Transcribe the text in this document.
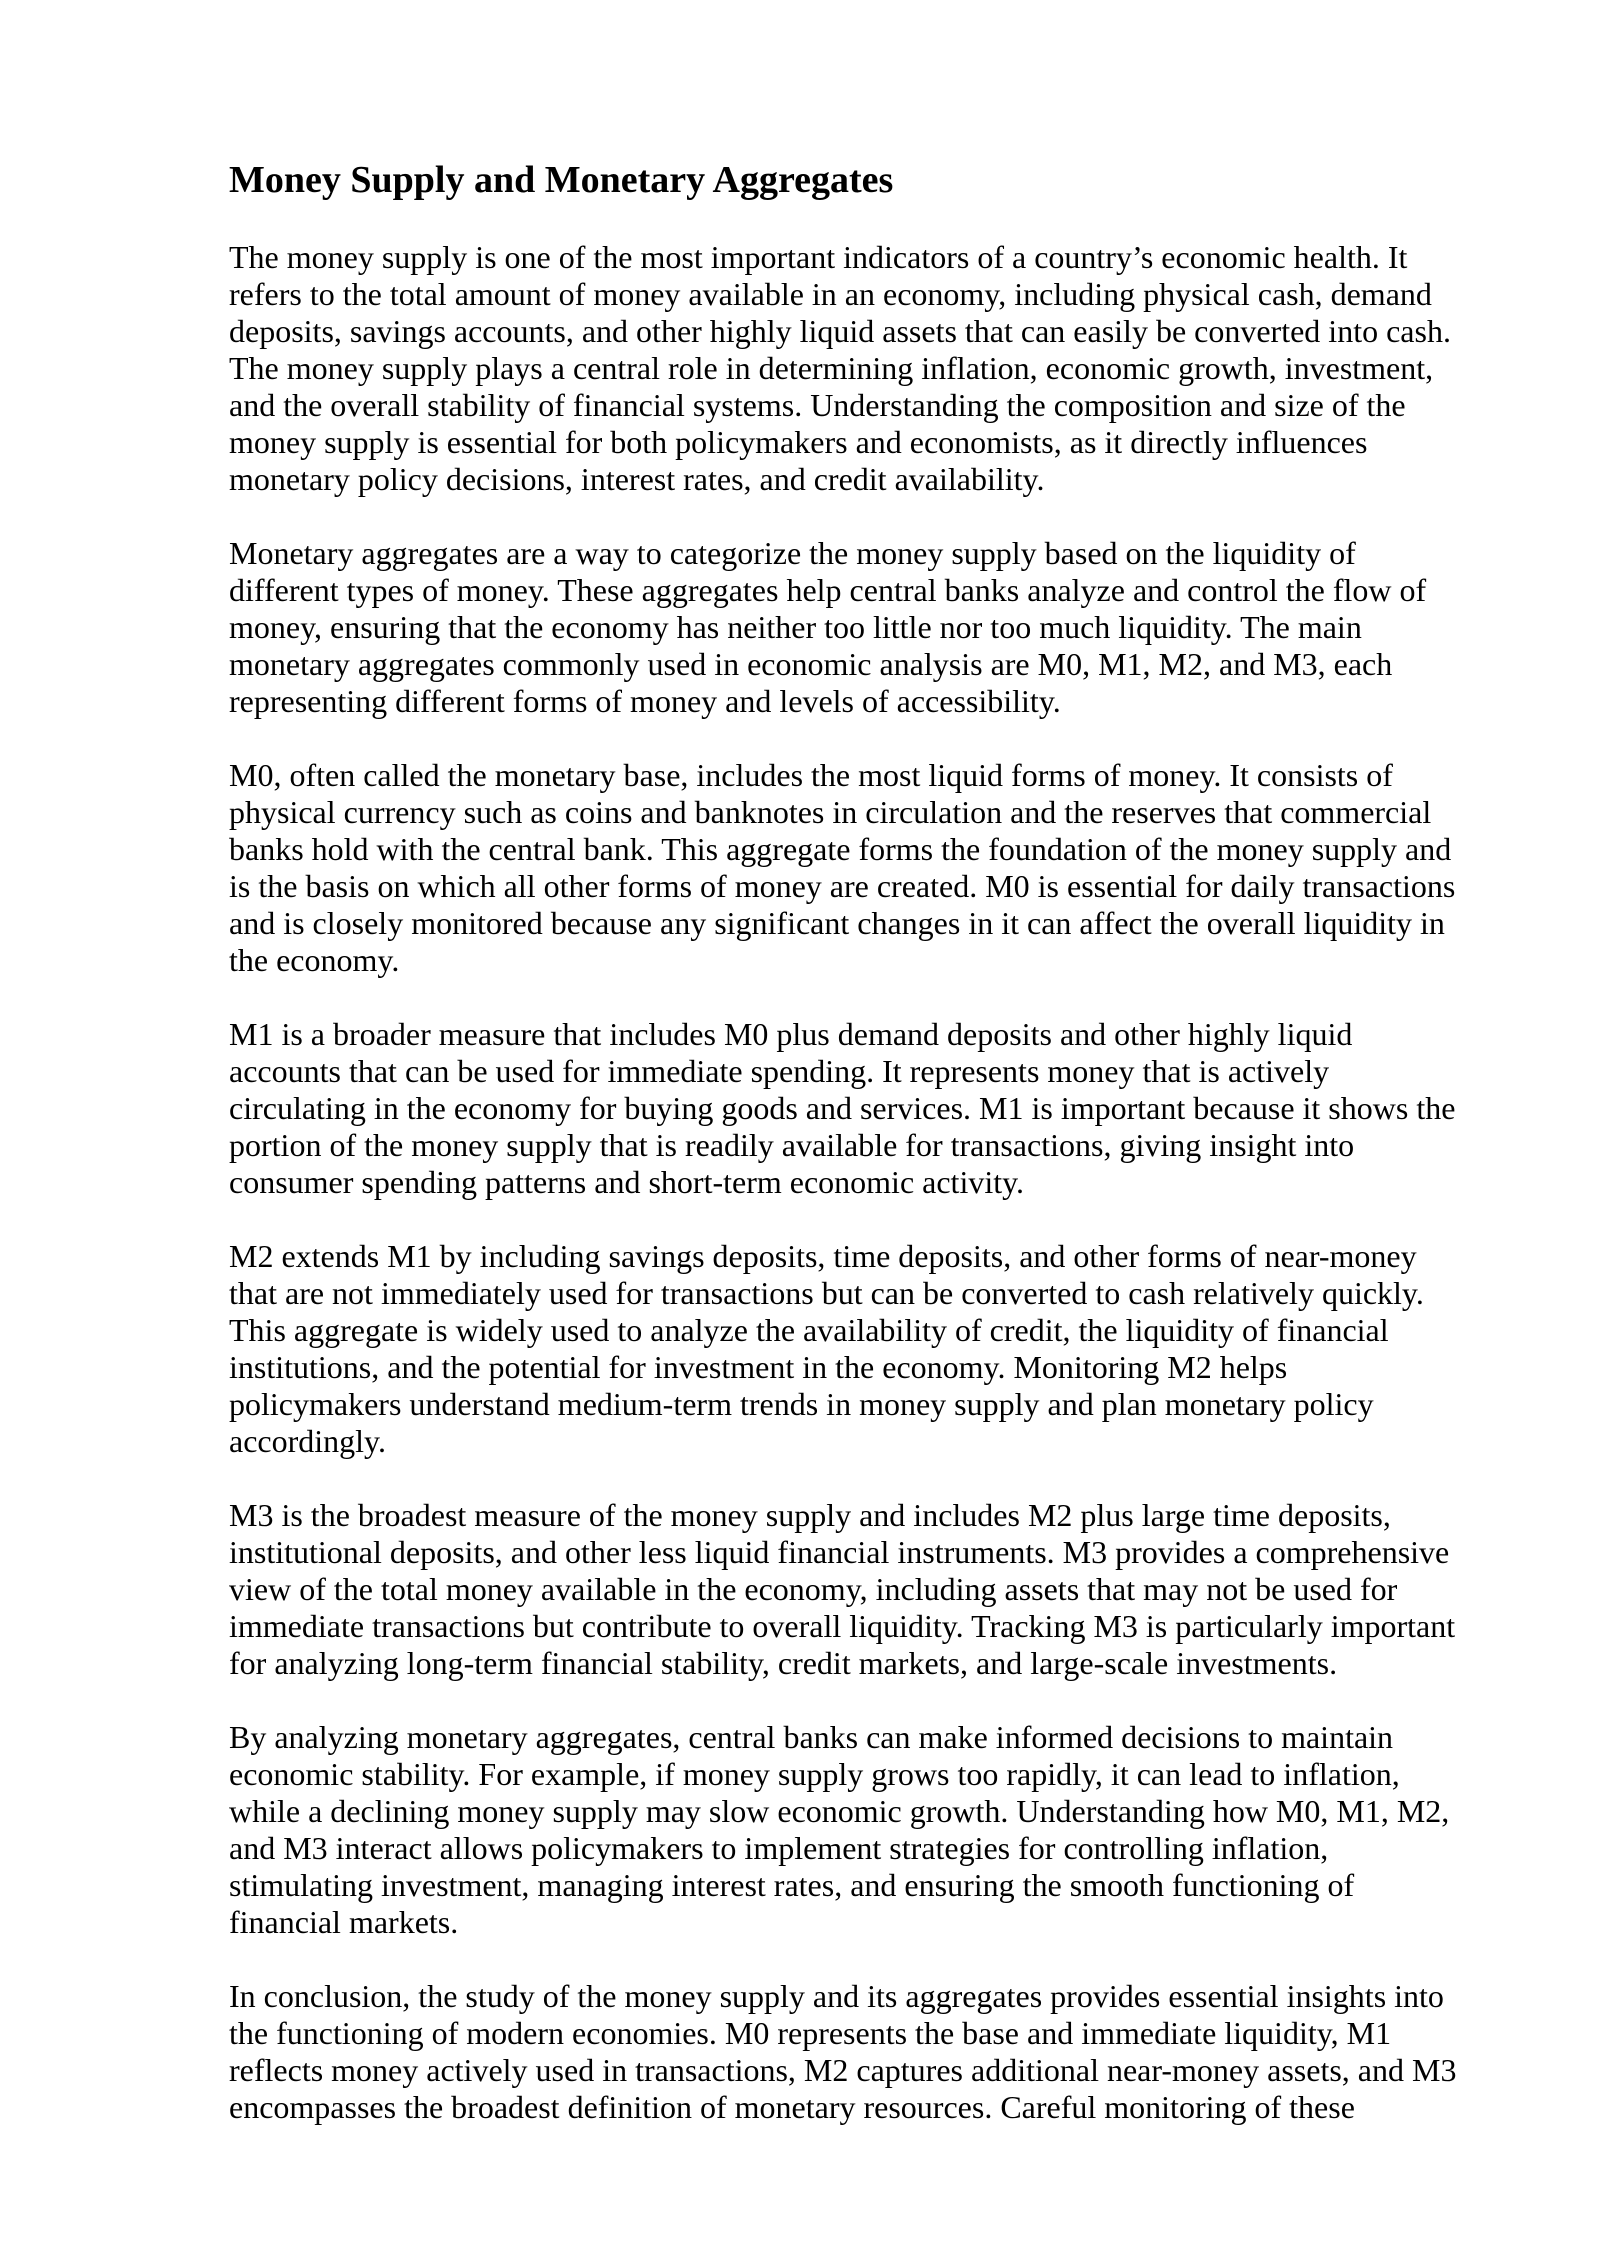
Money Supply and Monetary Aggregates

The money supply is one of the most important indicators of a country’s economic health. It refers to the total amount of money available in an economy, including physical cash, demand deposits, savings accounts, and other highly liquid assets that can easily be converted into cash. The money supply plays a central role in determining inflation, economic growth, investment, and the overall stability of financial systems. Understanding the composition and size of the money supply is essential for both policymakers and economists, as it directly influences monetary policy decisions, interest rates, and credit availability.

Monetary aggregates are a way to categorize the money supply based on the liquidity of different types of money. These aggregates help central banks analyze and control the flow of money, ensuring that the economy has neither too little nor too much liquidity. The main monetary aggregates commonly used in economic analysis are M0, M1, M2, and M3, each representing different forms of money and levels of accessibility.

M0, often called the monetary base, includes the most liquid forms of money. It consists of physical currency such as coins and banknotes in circulation and the reserves that commercial banks hold with the central bank. This aggregate forms the foundation of the money supply and is the basis on which all other forms of money are created. M0 is essential for daily transactions and is closely monitored because any significant changes in it can affect the overall liquidity in the economy.

M1 is a broader measure that includes M0 plus demand deposits and other highly liquid accounts that can be used for immediate spending. It represents money that is actively circulating in the economy for buying goods and services. M1 is important because it shows the portion of the money supply that is readily available for transactions, giving insight into consumer spending patterns and short-term economic activity.

M2 extends M1 by including savings deposits, time deposits, and other forms of near-money that are not immediately used for transactions but can be converted to cash relatively quickly. This aggregate is widely used to analyze the availability of credit, the liquidity of financial institutions, and the potential for investment in the economy. Monitoring M2 helps policymakers understand medium-term trends in money supply and plan monetary policy accordingly.

M3 is the broadest measure of the money supply and includes M2 plus large time deposits, institutional deposits, and other less liquid financial instruments. M3 provides a comprehensive view of the total money available in the economy, including assets that may not be used for immediate transactions but contribute to overall liquidity. Tracking M3 is particularly important for analyzing long-term financial stability, credit markets, and large-scale investments.

By analyzing monetary aggregates, central banks can make informed decisions to maintain economic stability. For example, if money supply grows too rapidly, it can lead to inflation, while a declining money supply may slow economic growth. Understanding how M0, M1, M2, and M3 interact allows policymakers to implement strategies for controlling inflation, stimulating investment, managing interest rates, and ensuring the smooth functioning of financial markets.

In conclusion, the study of the money supply and its aggregates provides essential insights into the functioning of modern economies. M0 represents the base and immediate liquidity, M1 reflects money actively used in transactions, M2 captures additional near-money assets, and M3 encompasses the broadest definition of monetary resources. Careful monitoring of these
